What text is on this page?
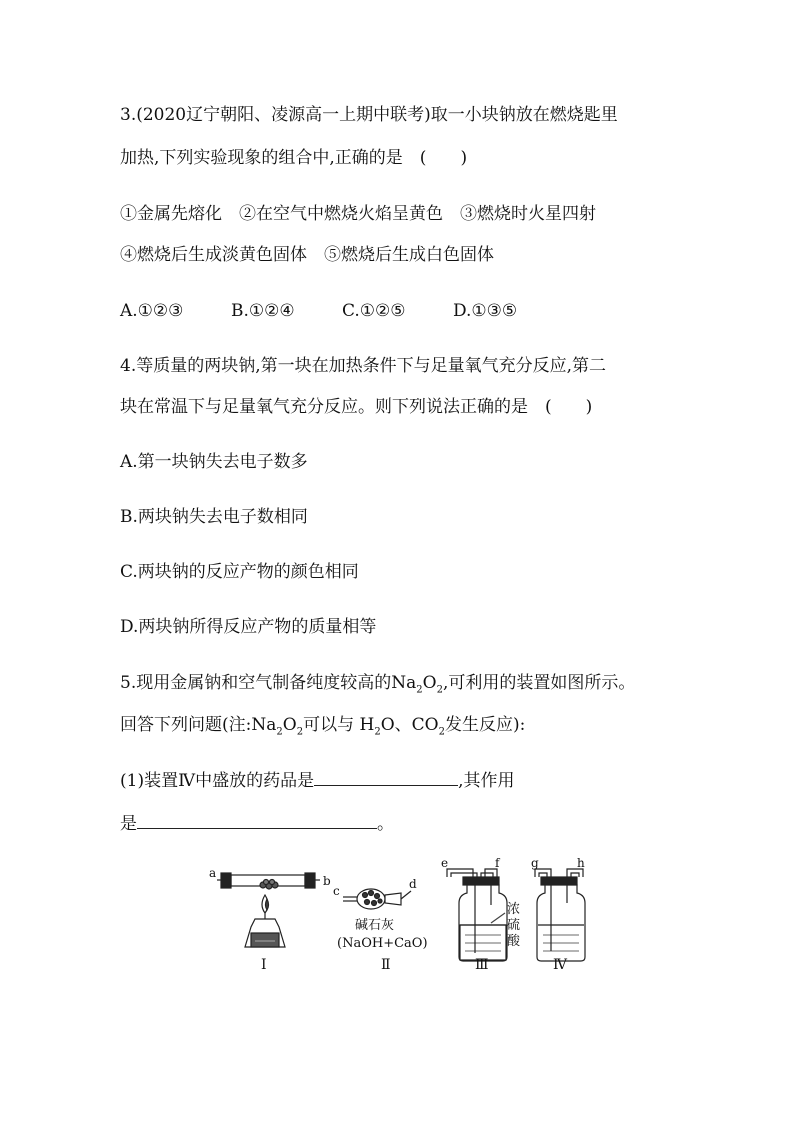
3.(2020辽宁朝阳、凌源高一上期中联考)取一小块钠放在燃烧匙里
加热,下列实验现象的组合中,正确的是　(　　)
①金属先熔化　②在空气中燃烧火焰呈黄色　③燃烧时火星四射
④燃烧后生成淡黄色固体　⑤燃烧后生成白色固体
A.①②③	B.①②④	C.①②⑤	D.①③⑤
4.等质量的两块钠,第一块在加热条件下与足量氧气充分反应,第二
块在常温下与足量氧气充分反应。则下列说法正确的是　(　　)
A.第一块钠失去电子数多
B.两块钠失去电子数相同
C.两块钠的反应产物的颜色相同
D.两块钠所得反应产物的质量相等
5.现用金属钠和空气制备纯度较高的$Na_2O_2$,可利用的装置如图所示。
回答下列问题(注$:Na_2O_2$可以与 $H_2O$、$CO_2$发生反应):
(1)装置Ⅳ中盛放的药品是	,其作用
是	。
a
b
c	d
e	f	g	h
碱石灰
(NaOH+CaO)
浓
硫
酸
Ⅰ	Ⅱ	Ⅲ	Ⅳ
